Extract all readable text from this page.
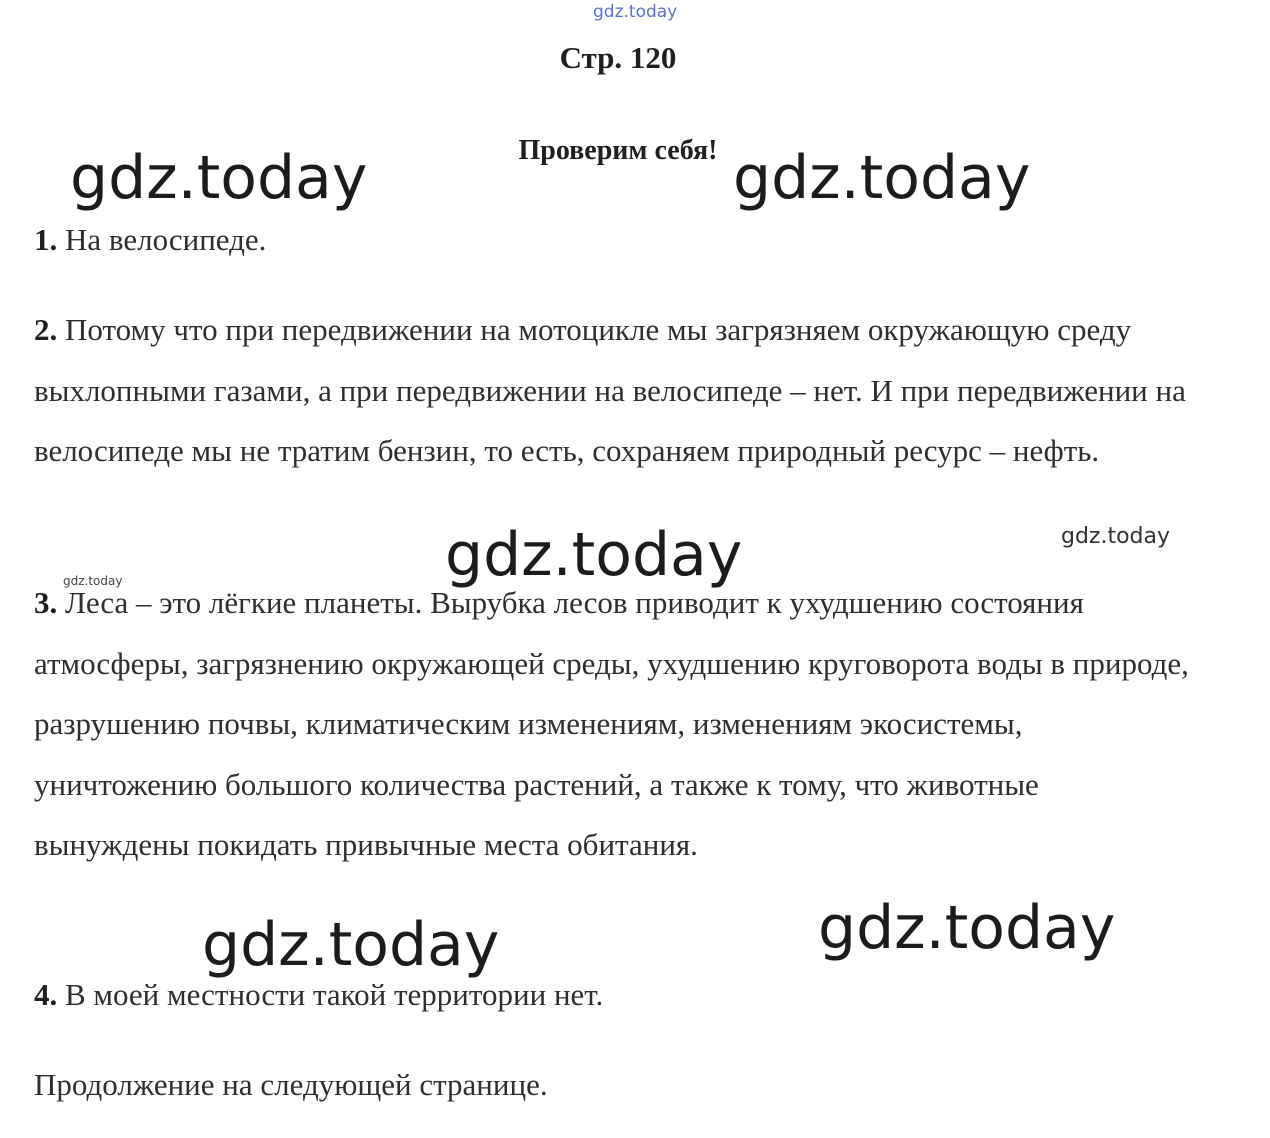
gdz.today
Стр. 120
Проверим себя!
gdz.today	gdz.today
1. На велосипеде.
2. Потому что при передвижении на мотоцикле мы загрязняем окружающую среду выхлопными газами, а при передвижении на велосипеде – нет. И при передвижении на велосипеде мы не тратим бензин, то есть, сохраняем природный ресурс – нефть.
gdz.today	gdz.today
gdz.today
3. Леса – это лёгкие планеты. Вырубка лесов приводит к ухудшению состояния атмосферы, загрязнению окружающей среды, ухудшению круговорота воды в природе, разрушению почвы, климатическим изменениям, изменениям экосистемы, уничтожению большого количества растений, а также к тому, что животные вынуждены покидать привычные места обитания.
gdz.today
gdz.today
4. В моей местности такой территории нет.
Продолжение на следующей странице.
